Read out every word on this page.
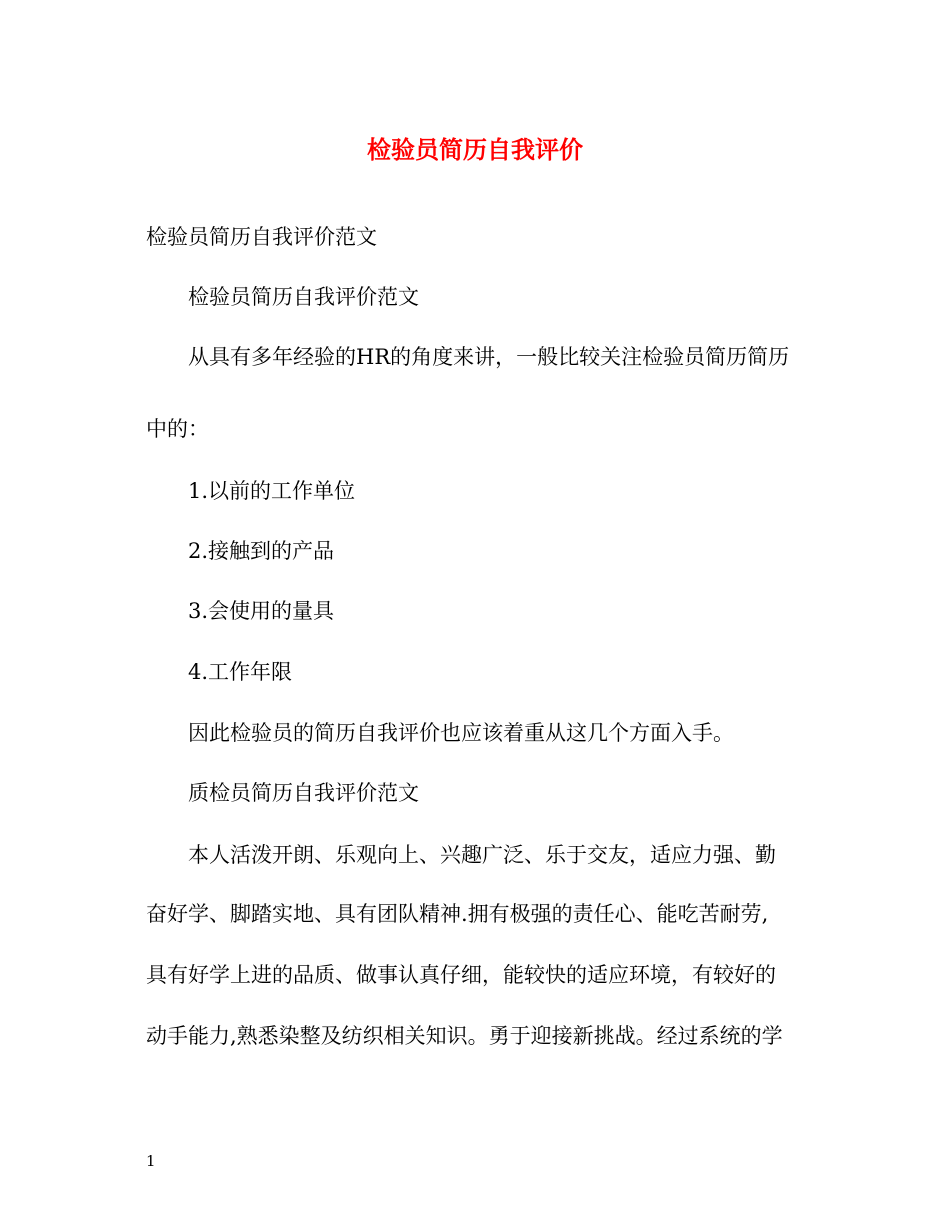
检验员简历自我评价

检验员简历自我评价范文

检验员简历自我评价范文

从具有多年经验的HR的角度来讲，一般比较关注检验员简历简历

中的：

1.以前的工作单位

2.接触到的产品

3.会使用的量具

4.工作年限

因此检验员的简历自我评价也应该着重从这几个方面入手。

质检员简历自我评价范文

本人活泼开朗、乐观向上、兴趣广泛、乐于交友，适应力强、勤

奋好学、脚踏实地、具有团队精神.拥有极强的责任心、能吃苦耐劳,

具有好学上进的品质、做事认真仔细，能较快的适应环境，有较好的

动手能力,熟悉染整及纺织相关知识。勇于迎接新挑战。经过系统的学

1
